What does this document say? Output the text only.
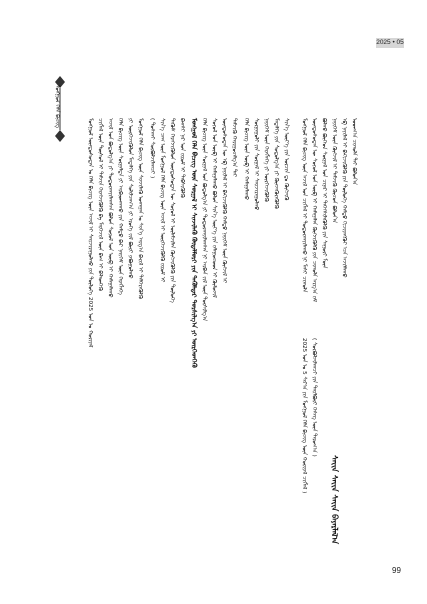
2025 • 05
ᠮᠣᠩᠭᠣᠯ ᠬᠡᠯᠡ ᠪᠢᠴᠢᠭ᠌
ᠮᠣᠩᠭᠣᠯ ᠦᠨᠳᠦᠰᠦᠲᠡᠨ ᠤ ᠬᠡᠯᠡ ᠪᠢᠴᠢᠭ ᠦᠨ ᠠᠵᠢᠯ ᠢ ᠰᠠᠢᠵᠢᠷᠠᠭᠤᠯᠬᠤ ᠶᠢᠨ ᠲᠥᠯᠥᠭᠡ 2025 ᠣᠨ ᠤ ᠬᠣᠷᠢᠶᠠᠯ ᠴᠢᠭᠯᠡᠯ ᠦᠨ ᠲᠥᠰᠦᠯ ᠢ ᠳᠡᠮᠵᠢᠨ ᠬᠡᠷᠡᠭᠵᠢᠭᠦᠯᠬᠦ ᠪᠠ ᠮᠡᠷᠭᠡᠵᠢᠯ ᠦᠨ ᠪᠠᠭ ᠢ ᠪᠡᠯᠡᠳᠬᠡᠬᠦ ᠠᠵᠢᠯ ᠤᠨ ᠪᠣᠳᠤᠯᠭ᠎ᠠ ᠶᠢ ᠲᠣᠳᠤᠷᠬᠠᠶᠢᠯᠠᠭᠰᠠᠨ ᠪᠣᠯᠤᠨ ᠰᠣᠶᠣᠯ ᠤᠨ ᠥᠪ ᠢ ᠬᠠᠮᠠᠭᠠᠯᠠᠬᠤ ᠬᠡᠯᠡ ᠪᠢᠴᠢᠭ ᠦᠨ ᠰᠤᠷᠭᠠᠯᠲᠠ ᠶᠢ ᠠᠷᠪᠢᠳᠬᠠᠬᠤ ᠶᠢᠨ ᠬᠠᠮᠲᠤ ᠪᠠᠷ ᠨᠡᠢᠭᠡᠮ ᠦᠨ ᠬᠡᠷᠡᠭᠯᠡᠭᠡ ᠶᠢ ᠥᠷᠭᠡᠵᠢᠭᠦᠯᠦᠨ ᠮᠡᠳᠡᠯᠭᠡ ᠶᠢᠨ ᠰᠣᠯᠢᠯᠴᠠᠭ᠎ᠠ ᠶᠢ ᠡᠷᠦᠬᠡ ᠵᠢᠯ ᠪᠦᠷᠢ ᠶᠠᠪᠤᠭᠤᠯᠬᠤ ᠮᠣᠩᠭᠣᠯ ᠬᠡᠯᠡ ᠪᠢᠴᠢᠭ ᠦᠨ ᠰᠢᠨᠵᠢᠯᠡᠬᠦ ᠤᠬᠠᠭᠠᠨ ᠤ ᠰᠢᠨ᠎ᠡ ᠠᠷᠭ᠎ᠠ ᠪᠠᠷᠢᠯ ᠢ ᠳᠡᠯᠭᠡᠷᠡᠭᠦᠯᠬᠦ ( ᠲᠤᠰᠬᠠᠢ ᠰᠤᠷᠪᠤᠯᠵᠢᠯᠠᠭᠴᠢ ) ᠰᠢᠨ᠎ᠡ ᠴᠠᠭ ᠦᠨ ᠮᠣᠩᠭᠣᠯ ᠬᠡᠯᠡ ᠪᠢᠴᠢᠭ ᠦᠨ ᠠᠵᠢᠯ ᠢ ᠥᠷᠭᠡᠵᠢᠭᠦᠯᠬᠦ ᠵᠢᠷᠤᠮ ᠢ ᠲᠡᠭᠦᠰ ᠬᠡᠷᠡᠭᠵᠢᠭᠦᠯᠦᠨ ᠦᠨᠳᠦᠰᠦᠲᠡᠨ ᠦ ᠰᠣᠶᠣᠯ ᠢ ᠦᠯᠡᠮᠵᠢᠯᠡᠨ ᠬᠥᠭᠵᠢᠭᠦᠯᠬᠦ ᠶᠢᠨ ᠲᠥᠯᠥᠭᠡ ᠪᠠᠭᠰᠢ ᠨᠠᠷ ᠤᠨ ᠵᠢᠷᠤᠮ ᠢ ᠳᠡᠪᠰᠢᠭᠦᠯᠬᠦ ᠮᠣᠩᠭᠣᠯ ᠬᠡᠯᠡ ᠪᠢᠴᠢᠭ ᠦᠨ ᠰᠤᠷᠭᠠᠯ ᠢ ᠰᠢᠨᠵᠢᠯᠡᠬᠦ ᠬᠥᠳᠡᠯᠮᠦᠷᠢ ᠶᠢᠨ ᠲᠡᠭᠦᠯᠳᠡᠷ ᠲᠤᠷᠰᠢᠯᠭ᠎ᠠ ᠶᠢ ᠥᠷᠭᠡᠳᠬᠡᠬᠦ ᠬᠡᠯᠡ ᠪᠢᠴᠢᠭ ᠦᠨ ᠰᠤᠷᠭᠠᠯ ᠤᠨ ᠪᠣᠳᠤᠯᠭ᠎ᠠ ᠶᠢ ᠲᠣᠳᠤᠷᠬᠠᠶᠢᠯᠠᠭᠰᠠᠨ ᠨᠢ ᠠᠷᠪᠠᠨ ᠵᠢᠯ ᠦᠨ ᠲᠤᠷᠰᠢᠯᠭ᠎ᠠ ᠰᠣᠶᠣᠯ ᠤᠨ ᠥᠪ ᠢ ᠬᠠᠮᠠᠭᠠᠯᠠᠬᠤ ᠪᠣᠯᠤᠨ ᠰᠢᠨ᠎ᠡ ᠦᠶ᠎ᠡ ᠶᠢᠨ ᠵᠠᠯᠠᠭᠤᠴᠤᠳ ᠢ ᠬᠥᠮᠦᠵᠢᠯ ᠦᠨᠳᠦᠰᠦᠲᠡᠨ ᠦ ᠡᠪ ᠨᠡᠶᠢᠯᠡᠯ ᠢ ᠪᠡᠬᠢᠵᠢᠭᠦᠯᠬᠦ ᠬᠠᠮᠲᠤ ᠨᠡᠶᠢᠭᠡᠮ ᠦᠨ ᠬᠥᠭᠵᠢᠯ ᠢ ᠳᠡᠮᠵᠢᠬᠦ ᠬᠠᠷᠢᠭᠤᠴᠠᠯᠭ᠎ᠠ ᠲᠠᠢ ᠬᠡᠯᠡ ᠪᠢᠴᠢᠭ ᠦᠨ ᠥᠪ ᠢ ᠬᠠᠮᠠᠭᠠᠯᠠᠬᠤ ᠰᠤᠷᠭᠠᠭᠤᠯᠢ ᠶᠢᠨ ᠰᠤᠷᠭᠠᠯ ᠢ ᠰᠠᠢᠵᠢᠷᠠᠭᠤᠯᠬᠤ ᠨᠡᠶᠢᠭᠡᠮ ᠦᠨ ᠬᠡᠷᠡᠭᠯᠡᠭᠡ ᠶᠢ ᠥᠷᠭᠡᠵᠢᠭᠦᠯᠬᠦ ᠮᠡᠳᠡᠯᠭᠡ ᠶᠢᠨ ᠰᠤᠳᠤᠯᠭ᠎ᠠ ᠶᠢ ᠭᠦᠨᠵᠡᠭᠦᠷᠡᠭᠦᠯᠬᠦ ᠰᠢᠨ᠎ᠡ ᠦᠶ᠎ᠡ ᠶᠢᠨ ᠣᠷᠴᠢᠨ ᠳᠤ ᠬᠥᠭᠵᠢᠬᠦ ᠮᠣᠩᠭᠣᠯ ᠬᠡᠯᠡ ᠪᠢᠴᠢᠭ ᠦᠨ ᠠᠵᠢᠯ ᠤᠨ ᠴᠢᠭᠯᠡᠯ ᠢ ᠲᠣᠳᠤᠷᠬᠠᠶᠢᠯᠠᠬᠤ ᠨᠢ ᠮᠠᠰᠢ ᠴᠢᠬᠤᠯᠠ ᠦᠨᠳᠦᠰᠦᠲᠡᠨ ᠦ ᠰᠣᠶᠣᠯ ᠤᠨ ᠥᠪ ᠢ ᠬᠠᠮᠠᠭᠠᠯᠠᠨ ᠬᠥᠭᠵᠢᠭᠦᠯᠬᠦ ᠶᠢᠨ ᠴᠢᠬᠤᠯᠠ ᠠᠷᠭ᠎ᠠ ᠵᠠᠮ ᠪᠣᠯᠬᠤ ᠪᠥᠭᠡᠳ ᠰᠤᠷᠭᠠᠯ ᠤᠨ ᠴᠢᠨᠠᠷ ᠢ ᠳᠡᠭᠡᠭᠰᠢᠯᠡᠭᠦᠯᠬᠦ ᠶᠢᠨ ᠰᠠᠭᠤᠷᠢ ᠮᠥᠨ ᠨᠡᠶᠢᠭᠡᠮ ᠦᠨ ᠬᠥᠭᠵᠢᠯ ᠢ ᠳᠡᠮᠵᠢᠬᠦ ᠬᠦᠴᠦᠨ ᠪᠣᠯᠤᠨ᠎ᠠ ᠡᠪ ᠨᠡᠶᠢᠯᠡᠯ ᠢ ᠪᠡᠬᠢᠵᠢᠭᠦᠯᠬᠦ ᠶᠢᠨ ᠲᠥᠯᠥᠭᠡ ᠬᠠᠮᠲᠤ ᠬᠢᠴᠢᠶᠡᠩᠭᠦᠢ ᠡᠴᠡ ᠠᠵᠢᠯᠯᠠᠬᠤ ᠤᠳᠬ᠎ᠠ ᠴᠢᠬᠤᠯᠠ ᠲᠠᠢ ᠪᠣᠯᠤᠨ᠎ᠠ
2025 ᠣᠨ ᠤ 5 ᠰᠠᠷ᠎ᠠ ᠶᠢᠨ ᠮᠣᠩᠭᠣᠯ ᠬᠡᠯᠡ ᠪᠢᠴᠢᠭ ᠦᠨ ᠬᠣᠷᠢᠶᠠᠯ ᠴᠢᠭᠯᠡᠯ ) ( ᠰᠤᠷᠪᠤᠯᠵᠢᠯᠠᠭᠴᠢ ᠶᠢᠨ ᠲᠠᠢᠯᠪᠤᠷᠢ ᠬᠡᠰᠡᠭ ᠦᠨ ᠳᠠᠷᠤᠭ᠎ᠠ )
ᠰᠠᠶ᠋ᠢᠨ ᠰᠠᠶ᠋ᠢᠨ ᠰᠠᠶ᠋ᠢᠨ ᠪᠠᠶᠠᠷᠯᠠᠯ᠎ᠠ
99
